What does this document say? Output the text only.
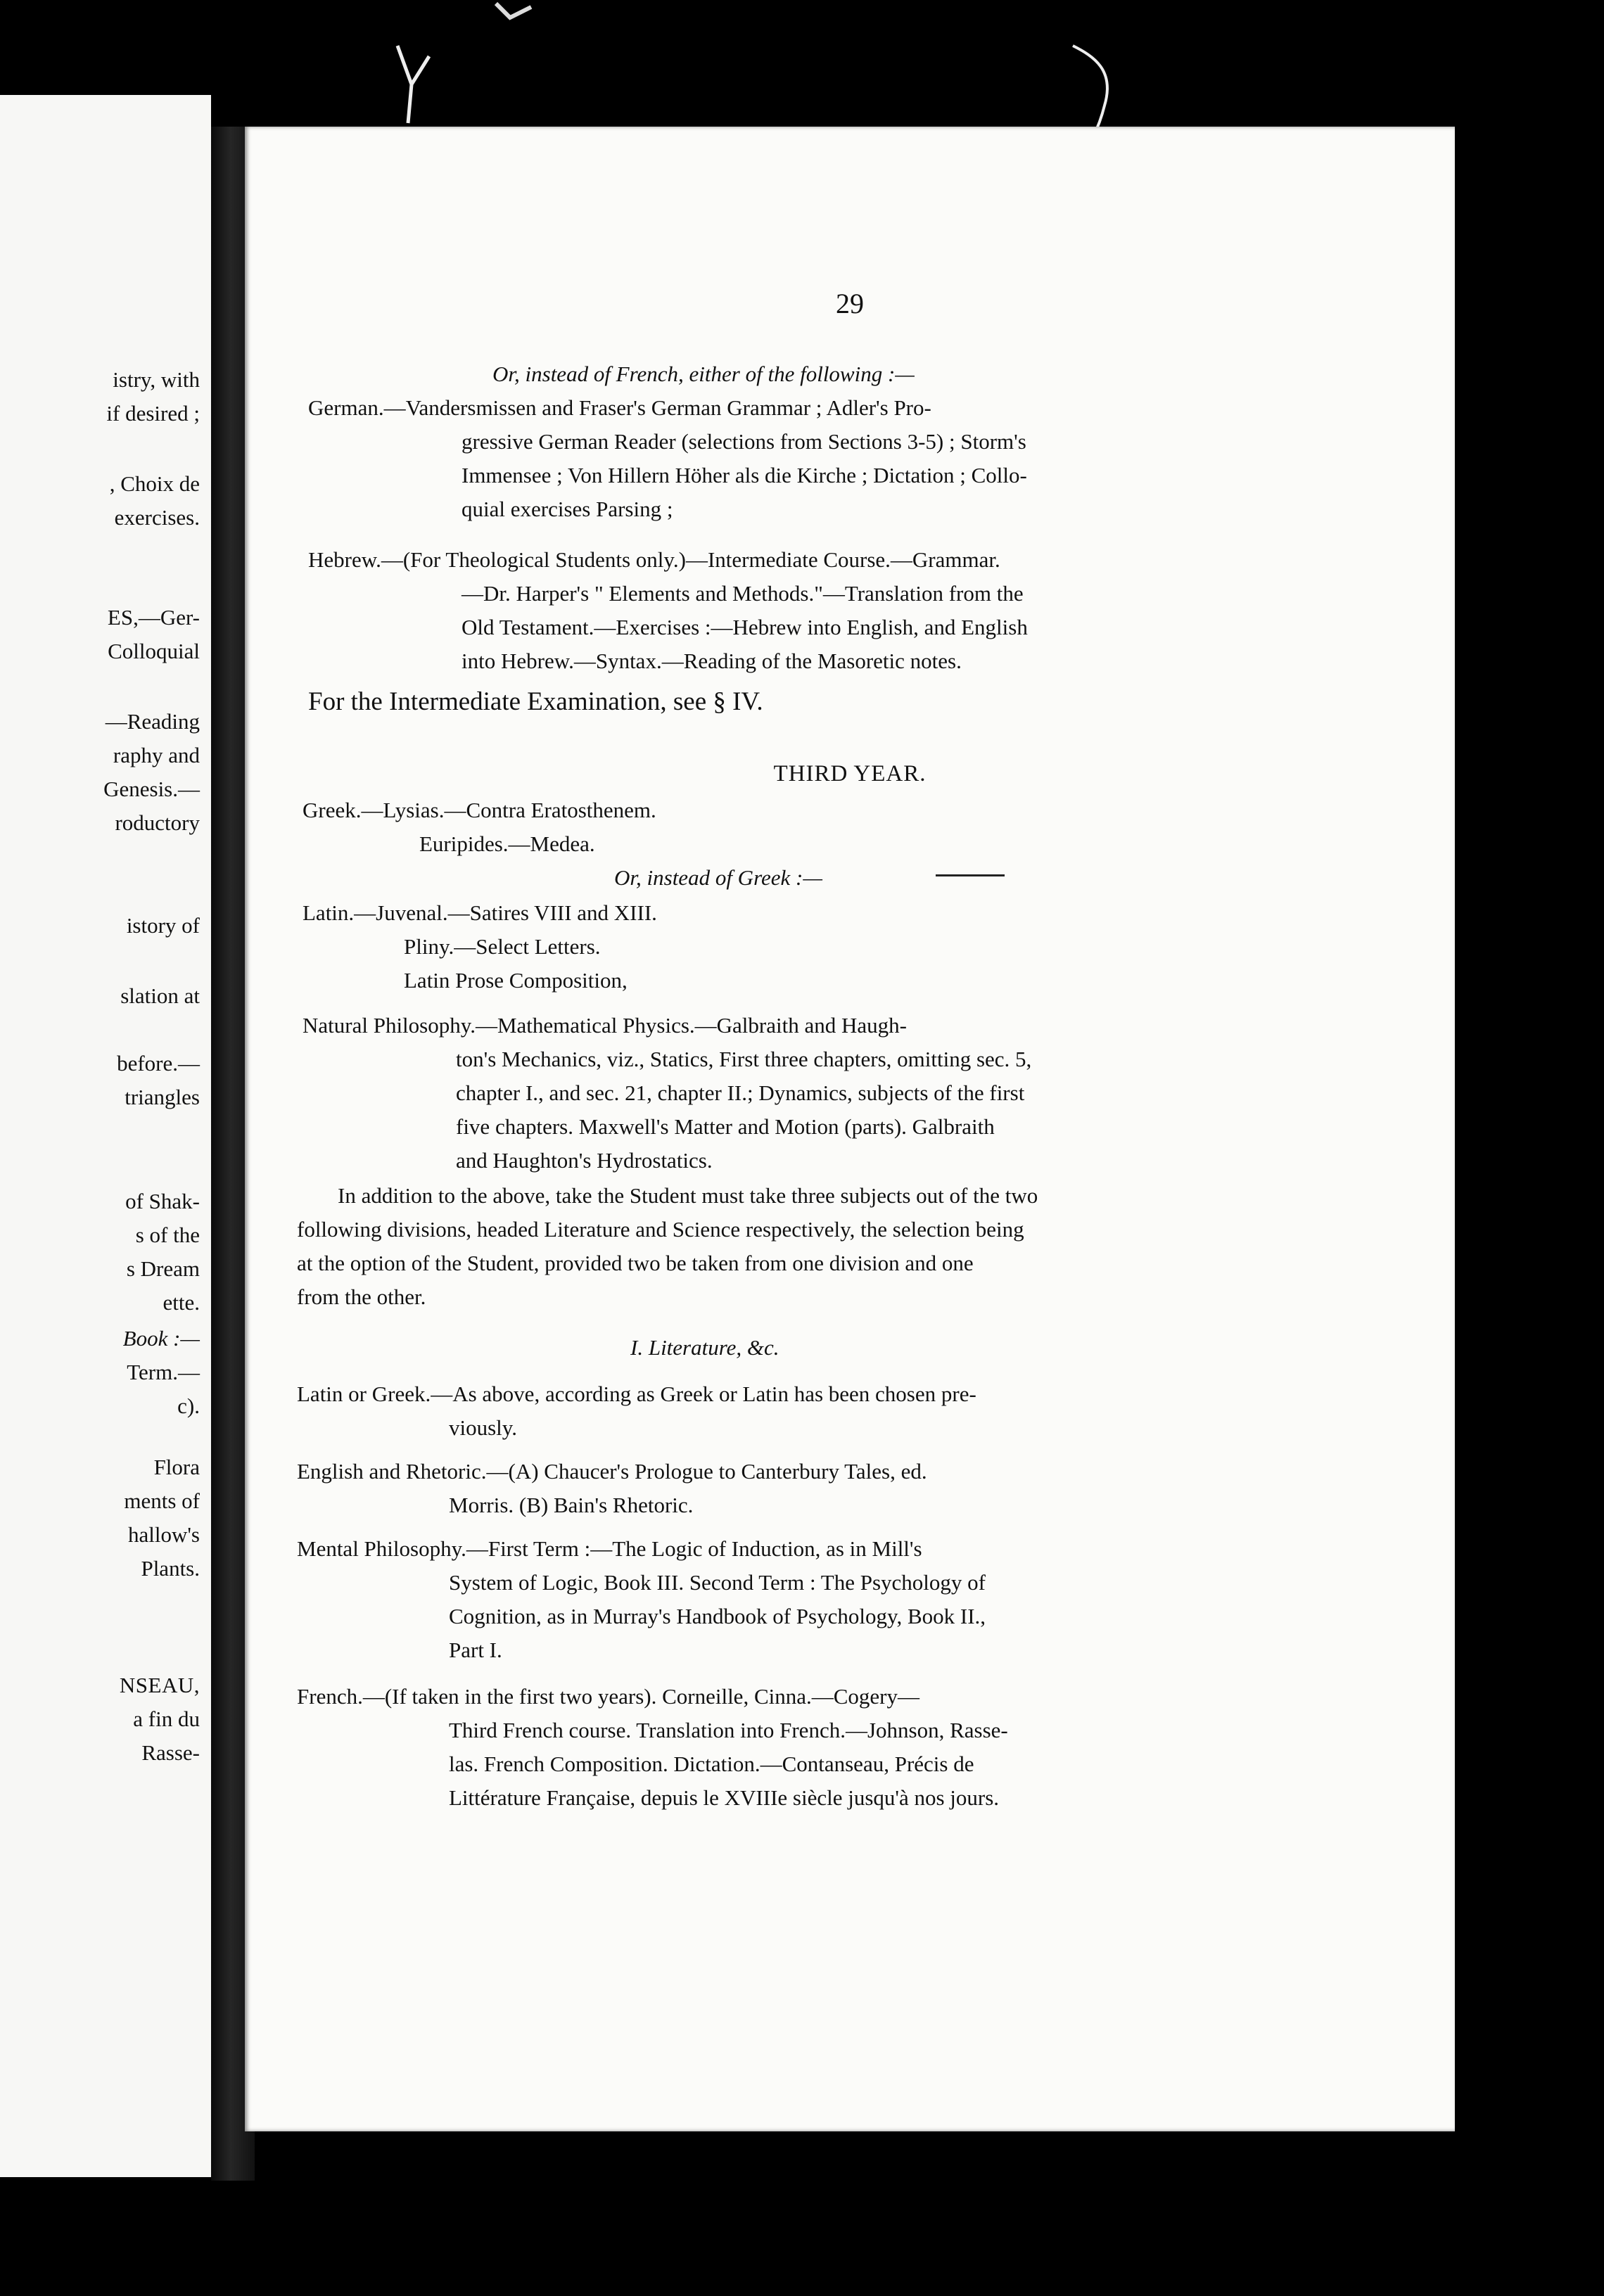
istry, with
if desired ;
, Choix de
exercises.
ES,—Ger-
Colloquial
—Reading
raphy and
Genesis.—
roductory
istory of
slation at
before.—
triangles
of Shak-
s of the
s Dream
ette.
Book :—
Term.—
c).
Flora
ments of
hallow's
Plants.
NSEAU,
a fin du
Rasse-
29
Or, instead of French, either of the following :—
German.—Vandersmissen and Fraser's German Grammar ; Adler's Pro-
gressive German Reader (selections from Sections 3-5) ; Storm's
Immensee ; Von Hillern Höher als die Kirche ; Dictation ; Collo-
quial exercises Parsing ;
Hebrew.—(For Theological Students only.)—Intermediate Course.—Grammar.
—Dr. Harper's " Elements and Methods."—Translation from the
Old Testament.—Exercises :—Hebrew into English, and English
into Hebrew.—Syntax.—Reading of the Masoretic notes.
For the Intermediate Examination, see § IV.
THIRD YEAR.
Greek.—Lysias.—Contra Eratosthenem.
Euripides.—Medea.
Or, instead of Greek :—
Latin.—Juvenal.—Satires VIII and XIII.
Pliny.—Select Letters.
Latin Prose Composition,
Natural Philosophy.—Mathematical Physics.—Galbraith and Haugh-
ton's Mechanics, viz., Statics, First three chapters, omitting sec. 5,
chapter I., and sec. 21, chapter II.; Dynamics, subjects of the first
five chapters. Maxwell's Matter and Motion (parts). Galbraith
and Haughton's Hydrostatics.
In addition to the above, take the Student must take three subjects out of the two
following divisions, headed Literature and Science respectively, the selection being
at the option of the Student, provided two be taken from one division and one
from the other.
I. Literature, &c.
Latin or Greek.—As above, according as Greek or Latin has been chosen pre-
viously.
English and Rhetoric.—(A) Chaucer's Prologue to Canterbury Tales, ed.
Morris. (B) Bain's Rhetoric.
Mental Philosophy.—First Term :—The Logic of Induction, as in Mill's
System of Logic, Book III. Second Term : The Psychology of
Cognition, as in Murray's Handbook of Psychology, Book II.,
Part I.
French.—(If taken in the first two years). Corneille, Cinna.—Cogery—
Third French course. Translation into French.—Johnson, Rasse-
las. French Composition. Dictation.—Contanseau, Précis de
Littérature Française, depuis le XVIIIe siècle jusqu'à nos jours.
